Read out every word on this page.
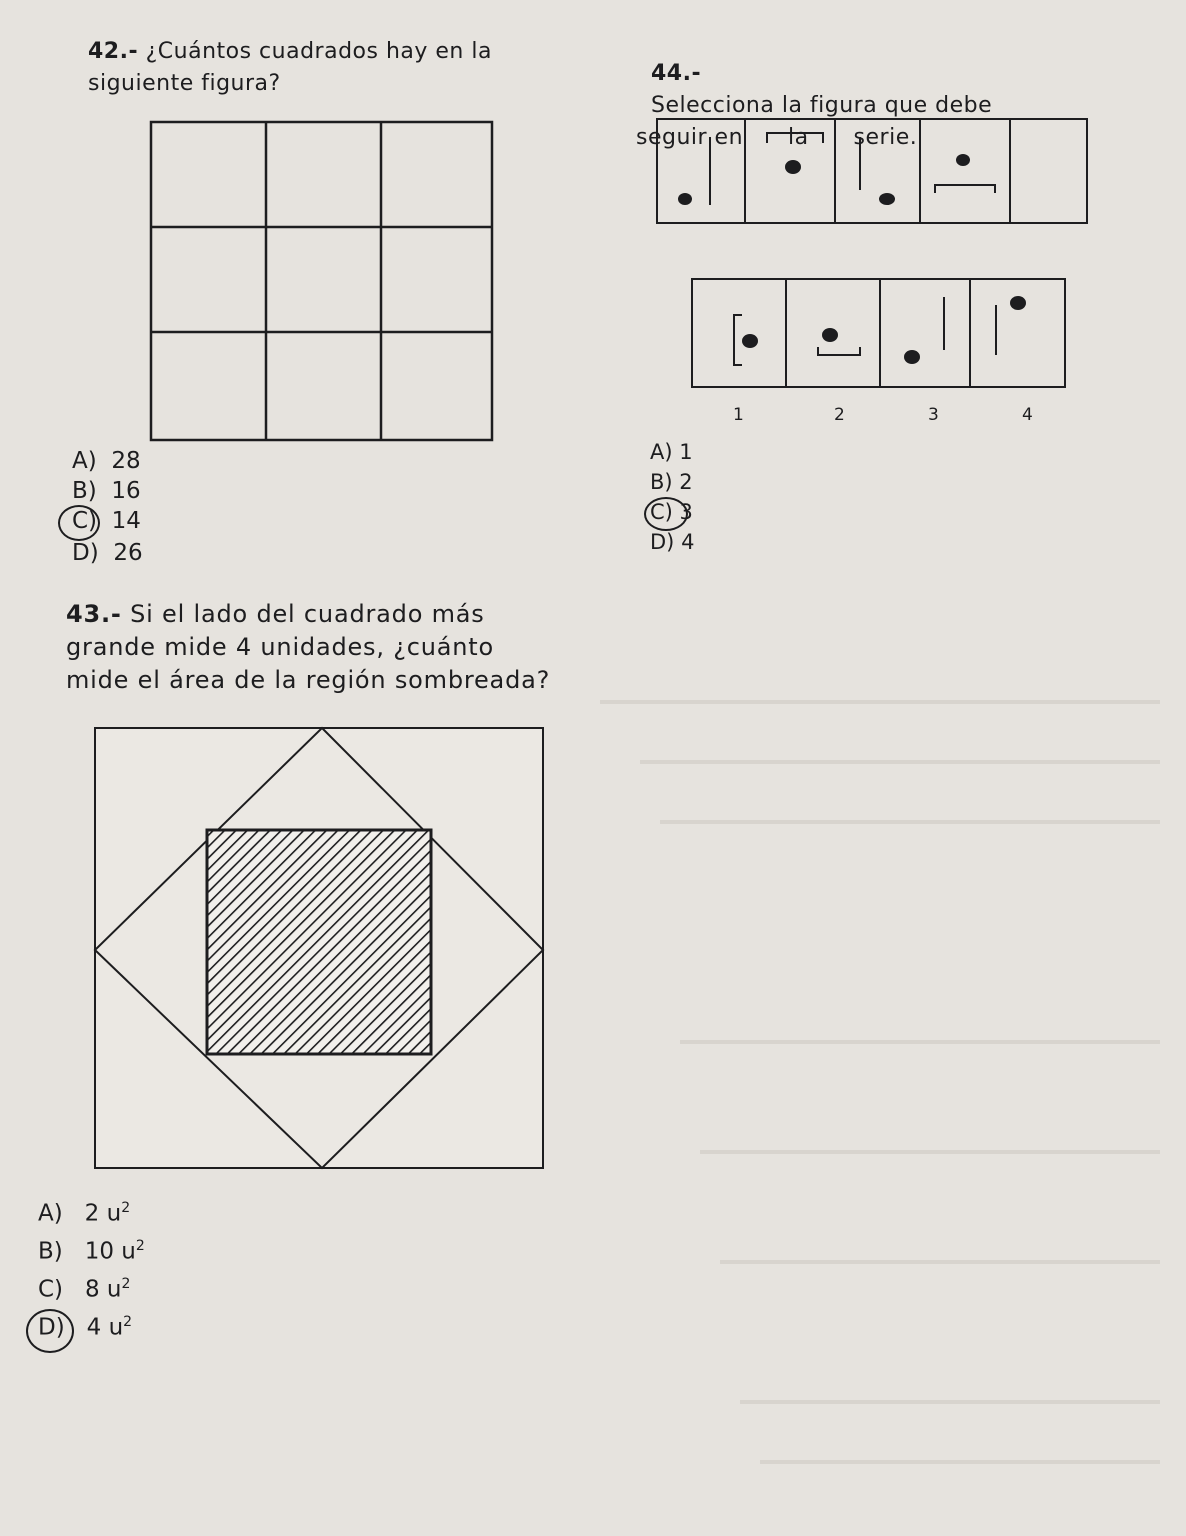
42.- ¿Cuántos cuadrados hay en la
siguiente figura?
A) 28
B) 16
C) 14
D) 26

44.-
Selecciona la figura que debe
seguir en      la      serie.

1	2	3	4
A) 1
B) 2
C) 3
D) 4
43.- Si el lado del cuadrado más
grande mide 4 unidades, ¿cuánto
mide el área de la región sombreada?
A) 2 $u^2$
B) 10 $u^2$
C) 8 $u^2$
D) 4 $u^2$
